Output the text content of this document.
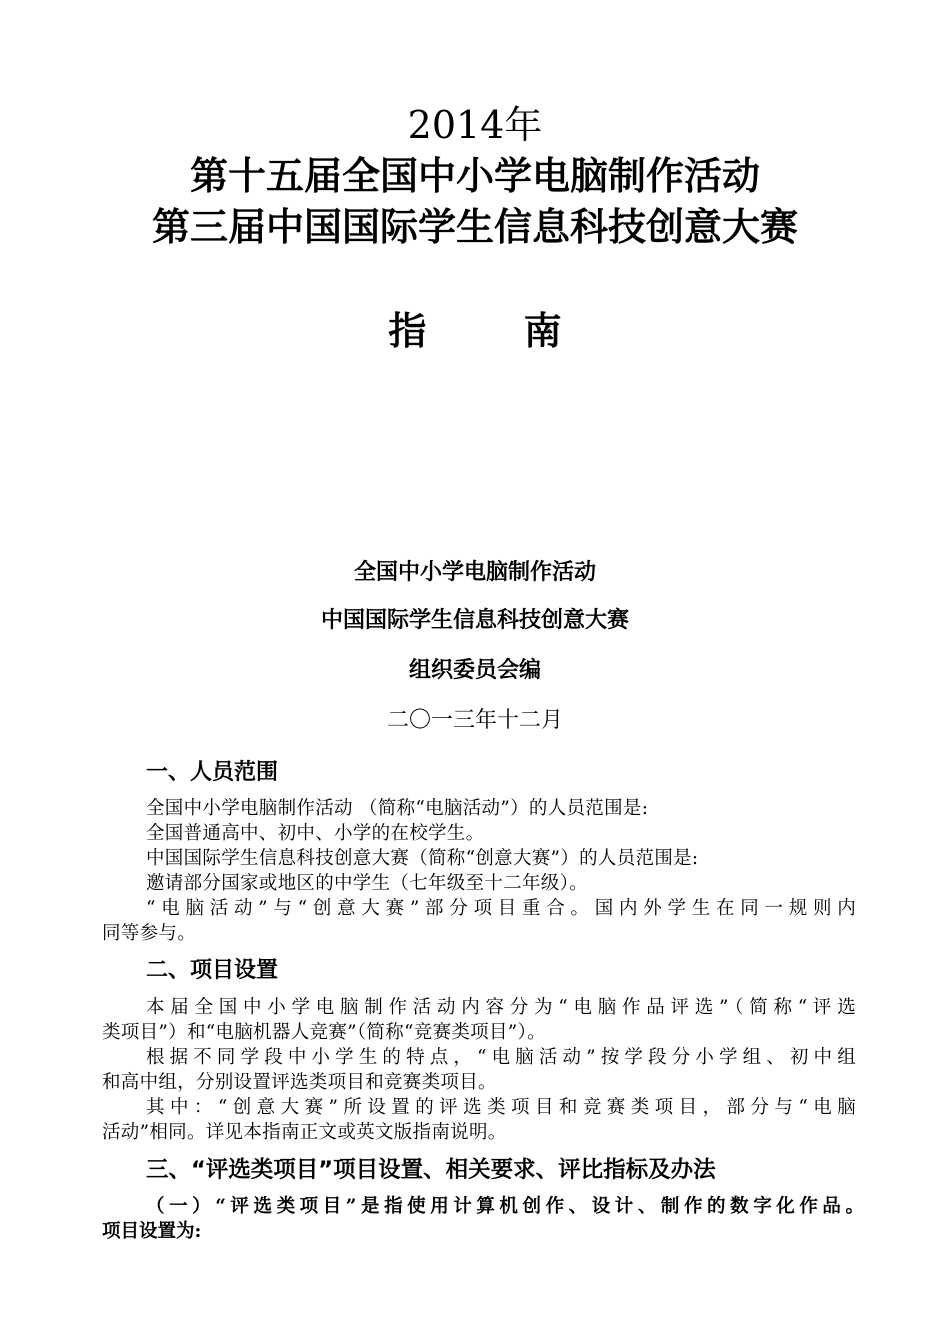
2014年
第十五届全国中小学电脑制作活动
第三届中国国际学生信息科技创意大赛
指 南
全国中小学电脑制作活动
中国国际学生信息科技创意大赛
组织委员会编
二〇一三年十二月
一、人员范围
全国中小学电脑制作活动 （简称“电脑活动”）的人员范围是:
全国普通高中、初中、小学的在校学生。
中国国际学生信息科技创意大赛（简称“创意大赛”）的人员范围是:
邀请部分国家或地区的中学生（七年级至十二年级）。
“电脑活动”与“创意大赛”部分项目重合。国内外学生在同一规则内
同等参与。
二、项目设置
本届全国中小学电脑制作活动内容分为“电脑作品评选”（简称“评选
类项目”）和“电脑机器人竞赛”（简称“竞赛类项目”）。
根据不同学段中小学生的特点，“电脑活动”按学段分小学组、初中组
和高中组，分别设置评选类项目和竞赛类项目。
其中：“创意大赛”所设置的评选类项目和竞赛类项目，部分与“电脑
活动”相同。详见本指南正文或英文版指南说明。
三、“评选类项目”项目设置、相关要求、评比指标及办法
（一）“评选类项目”是指使用计算机创作、设计、制作的数字化作品。
项目设置为:
